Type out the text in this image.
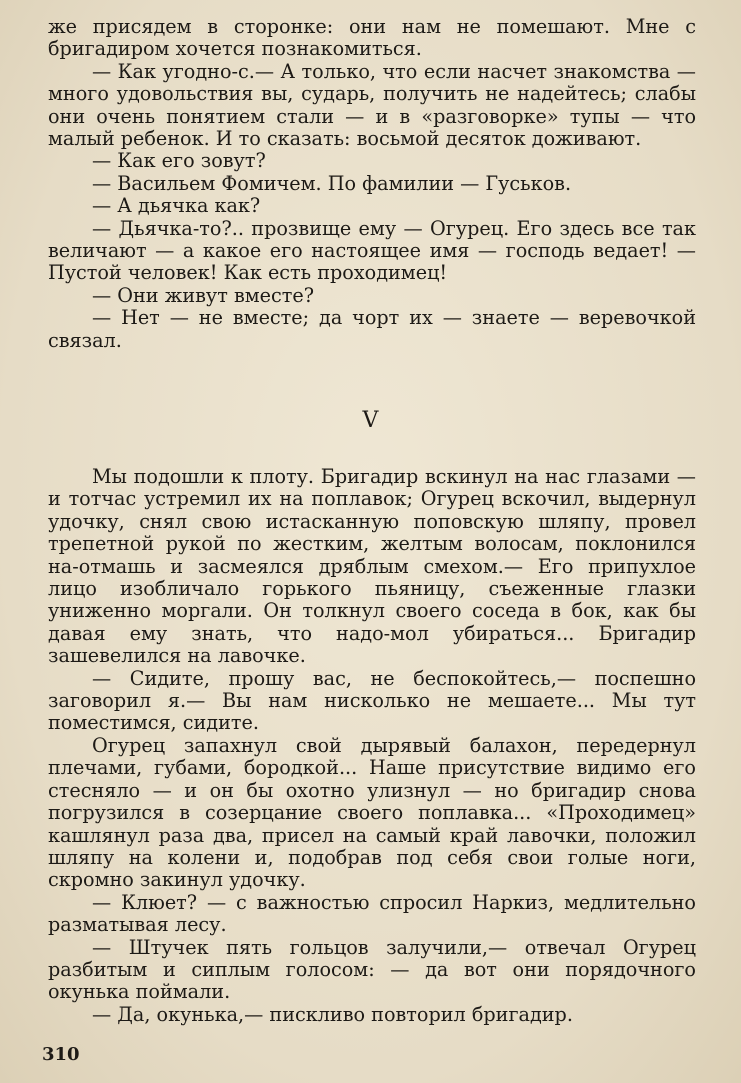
же присядем в сторонке: они нам не помешают. Мне с бригадиром хочется познакомиться.

— Как угодно-с.— А только, что если насчет знакомства — много удовольствия вы, сударь, получить не надейтесь; слабы они очень понятием стали — и в «разговорке» тупы — что малый ребенок. И то сказать: восьмой десяток доживают.

— Как его зовут?

— Васильем Фомичем. По фамилии — Гуськов.

— А дьячка как?

— Дьячка-то?.. прозвище ему — Огурец. Его здесь все так величают — а какое его настоящее имя — господь ведает! — Пустой человек! Как есть проходимец!

— Они живут вместе?

— Нет — не вместе; да чорт их — знаете — веревочкой связал.

V

Мы подошли к плоту. Бригадир вскинул на нас глазами — и тотчас устремил их на поплавок; Огурец вскочил, выдернул удочку, снял свою истасканную поповскую шляпу, провел трепетной рукой по жестким, желтым волосам, поклонился на-отмашь и засмеялся дряблым смехом.— Его припухлое лицо изобличало горького пьяницу, съеженные глазки униженно моргали. Он толкнул своего соседа в бок, как бы давая ему знать, что надо-мол убираться... Бригадир зашевелился на лавочке.

— Сидите, прошу вас, не беспокойтесь,— поспешно заговорил я.— Вы нам нисколько не мешаете... Мы тут поместимся, сидите.

Огурец запахнул свой дырявый балахон, передернул плечами, губами, бородкой... Наше присутствие видимо его стесняло — и он бы охотно улизнул — но бригадир снова погрузился в созерцание своего поплавка... «Проходимец» кашлянул раза два, присел на самый край лавочки, положил шляпу на колени и, подобрав под себя свои голые ноги, скромно закинул удочку.

— Клюет? — с важностью спросил Наркиз, медлительно разматывая лесу.

— Штучек пять гольцов залучили,— отвечал Огурец разбитым и сиплым голосом: — да вот они порядочного окунька поймали.

— Да, окунька,— пискливо повторил бригадир.

310
